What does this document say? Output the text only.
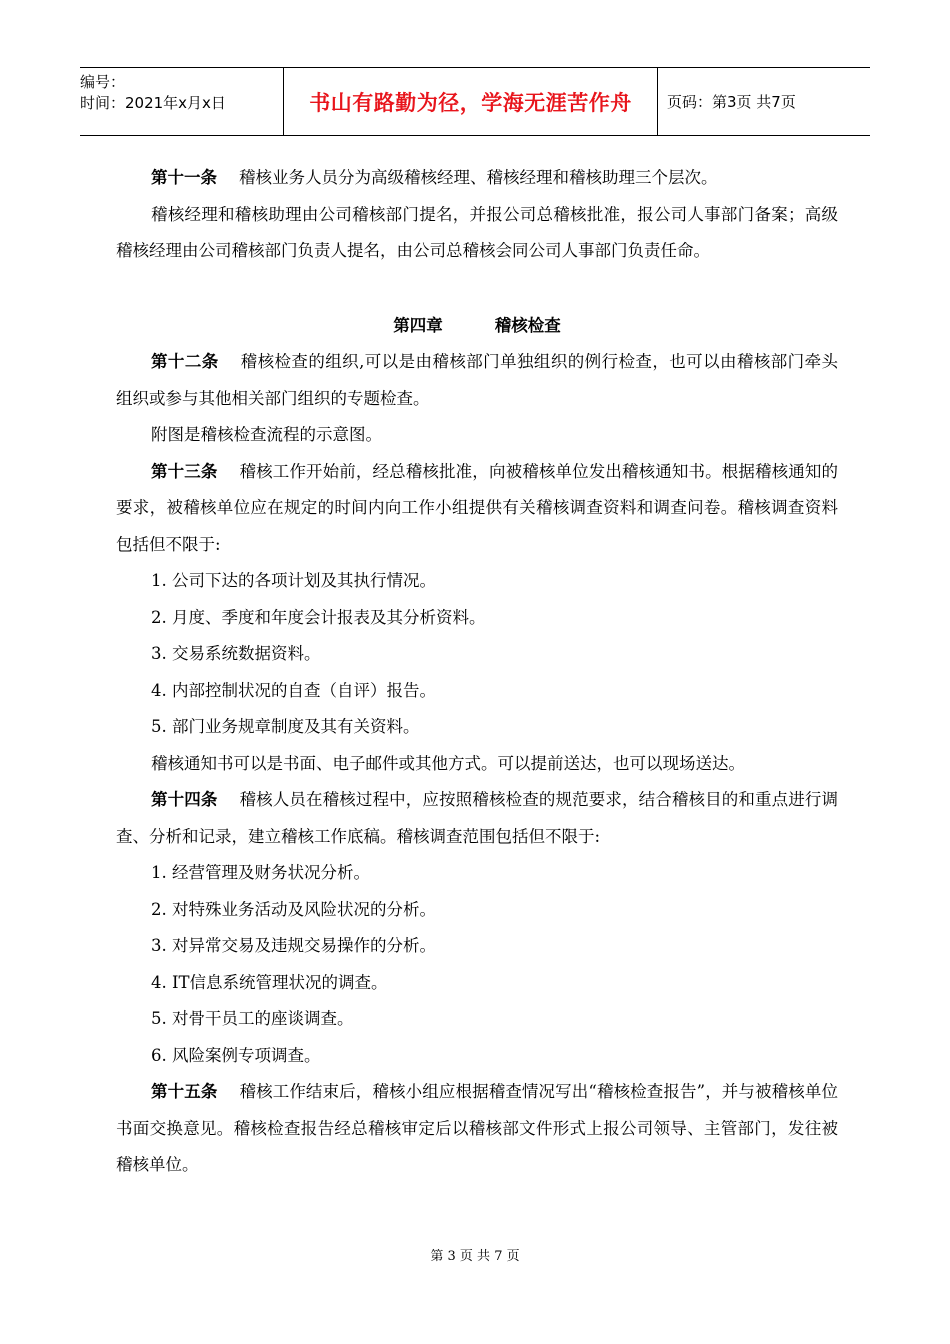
编号：
时间：2021年x月x日	书山有路勤为径，学海无涯苦作舟	页码：第3页 共7页

第十一条 稽核业务人员分为高级稽核经理、稽核经理和稽核助理三个层次。

稽核经理和稽核助理由公司稽核部门提名，并报公司总稽核批准，报公司人事部门备案；高级稽核经理由公司稽核部门负责人提名，由公司总稽核会同公司人事部门负责任命。

第四章	稽核检查

第十二条 稽核检查的组织,可以是由稽核部门单独组织的例行检查，也可以由稽核部门牵头组织或参与其他相关部门组织的专题检查。

附图是稽核检查流程的示意图。

第十三条 稽核工作开始前，经总稽核批准，向被稽核单位发出稽核通知书。根据稽核通知的要求，被稽核单位应在规定的时间内向工作小组提供有关稽核调查资料和调查问卷。稽核调查资料包括但不限于:

1. 公司下达的各项计划及其执行情况。

2. 月度、季度和年度会计报表及其分析资料。

3. 交易系统数据资料。

4. 内部控制状况的自查（自评）报告。

5. 部门业务规章制度及其有关资料。

稽核通知书可以是书面、电子邮件或其他方式。可以提前送达，也可以现场送达。

第十四条 稽核人员在稽核过程中，应按照稽核检查的规范要求，结合稽核目的和重点进行调查、分析和记录，建立稽核工作底稿。稽核调查范围包括但不限于:

1. 经营管理及财务状况分析。

2. 对特殊业务活动及风险状况的分析。

3. 对异常交易及违规交易操作的分析。

4. IT信息系统管理状况的调查。

5. 对骨干员工的座谈调查。

6. 风险案例专项调查。

第十五条 稽核工作结束后，稽核小组应根据稽查情况写出“稽核检查报告”，并与被稽核单位书面交换意见。稽核检查报告经总稽核审定后以稽核部文件形式上报公司领导、主管部门，发往被稽核单位。

第 3 页 共 7 页
